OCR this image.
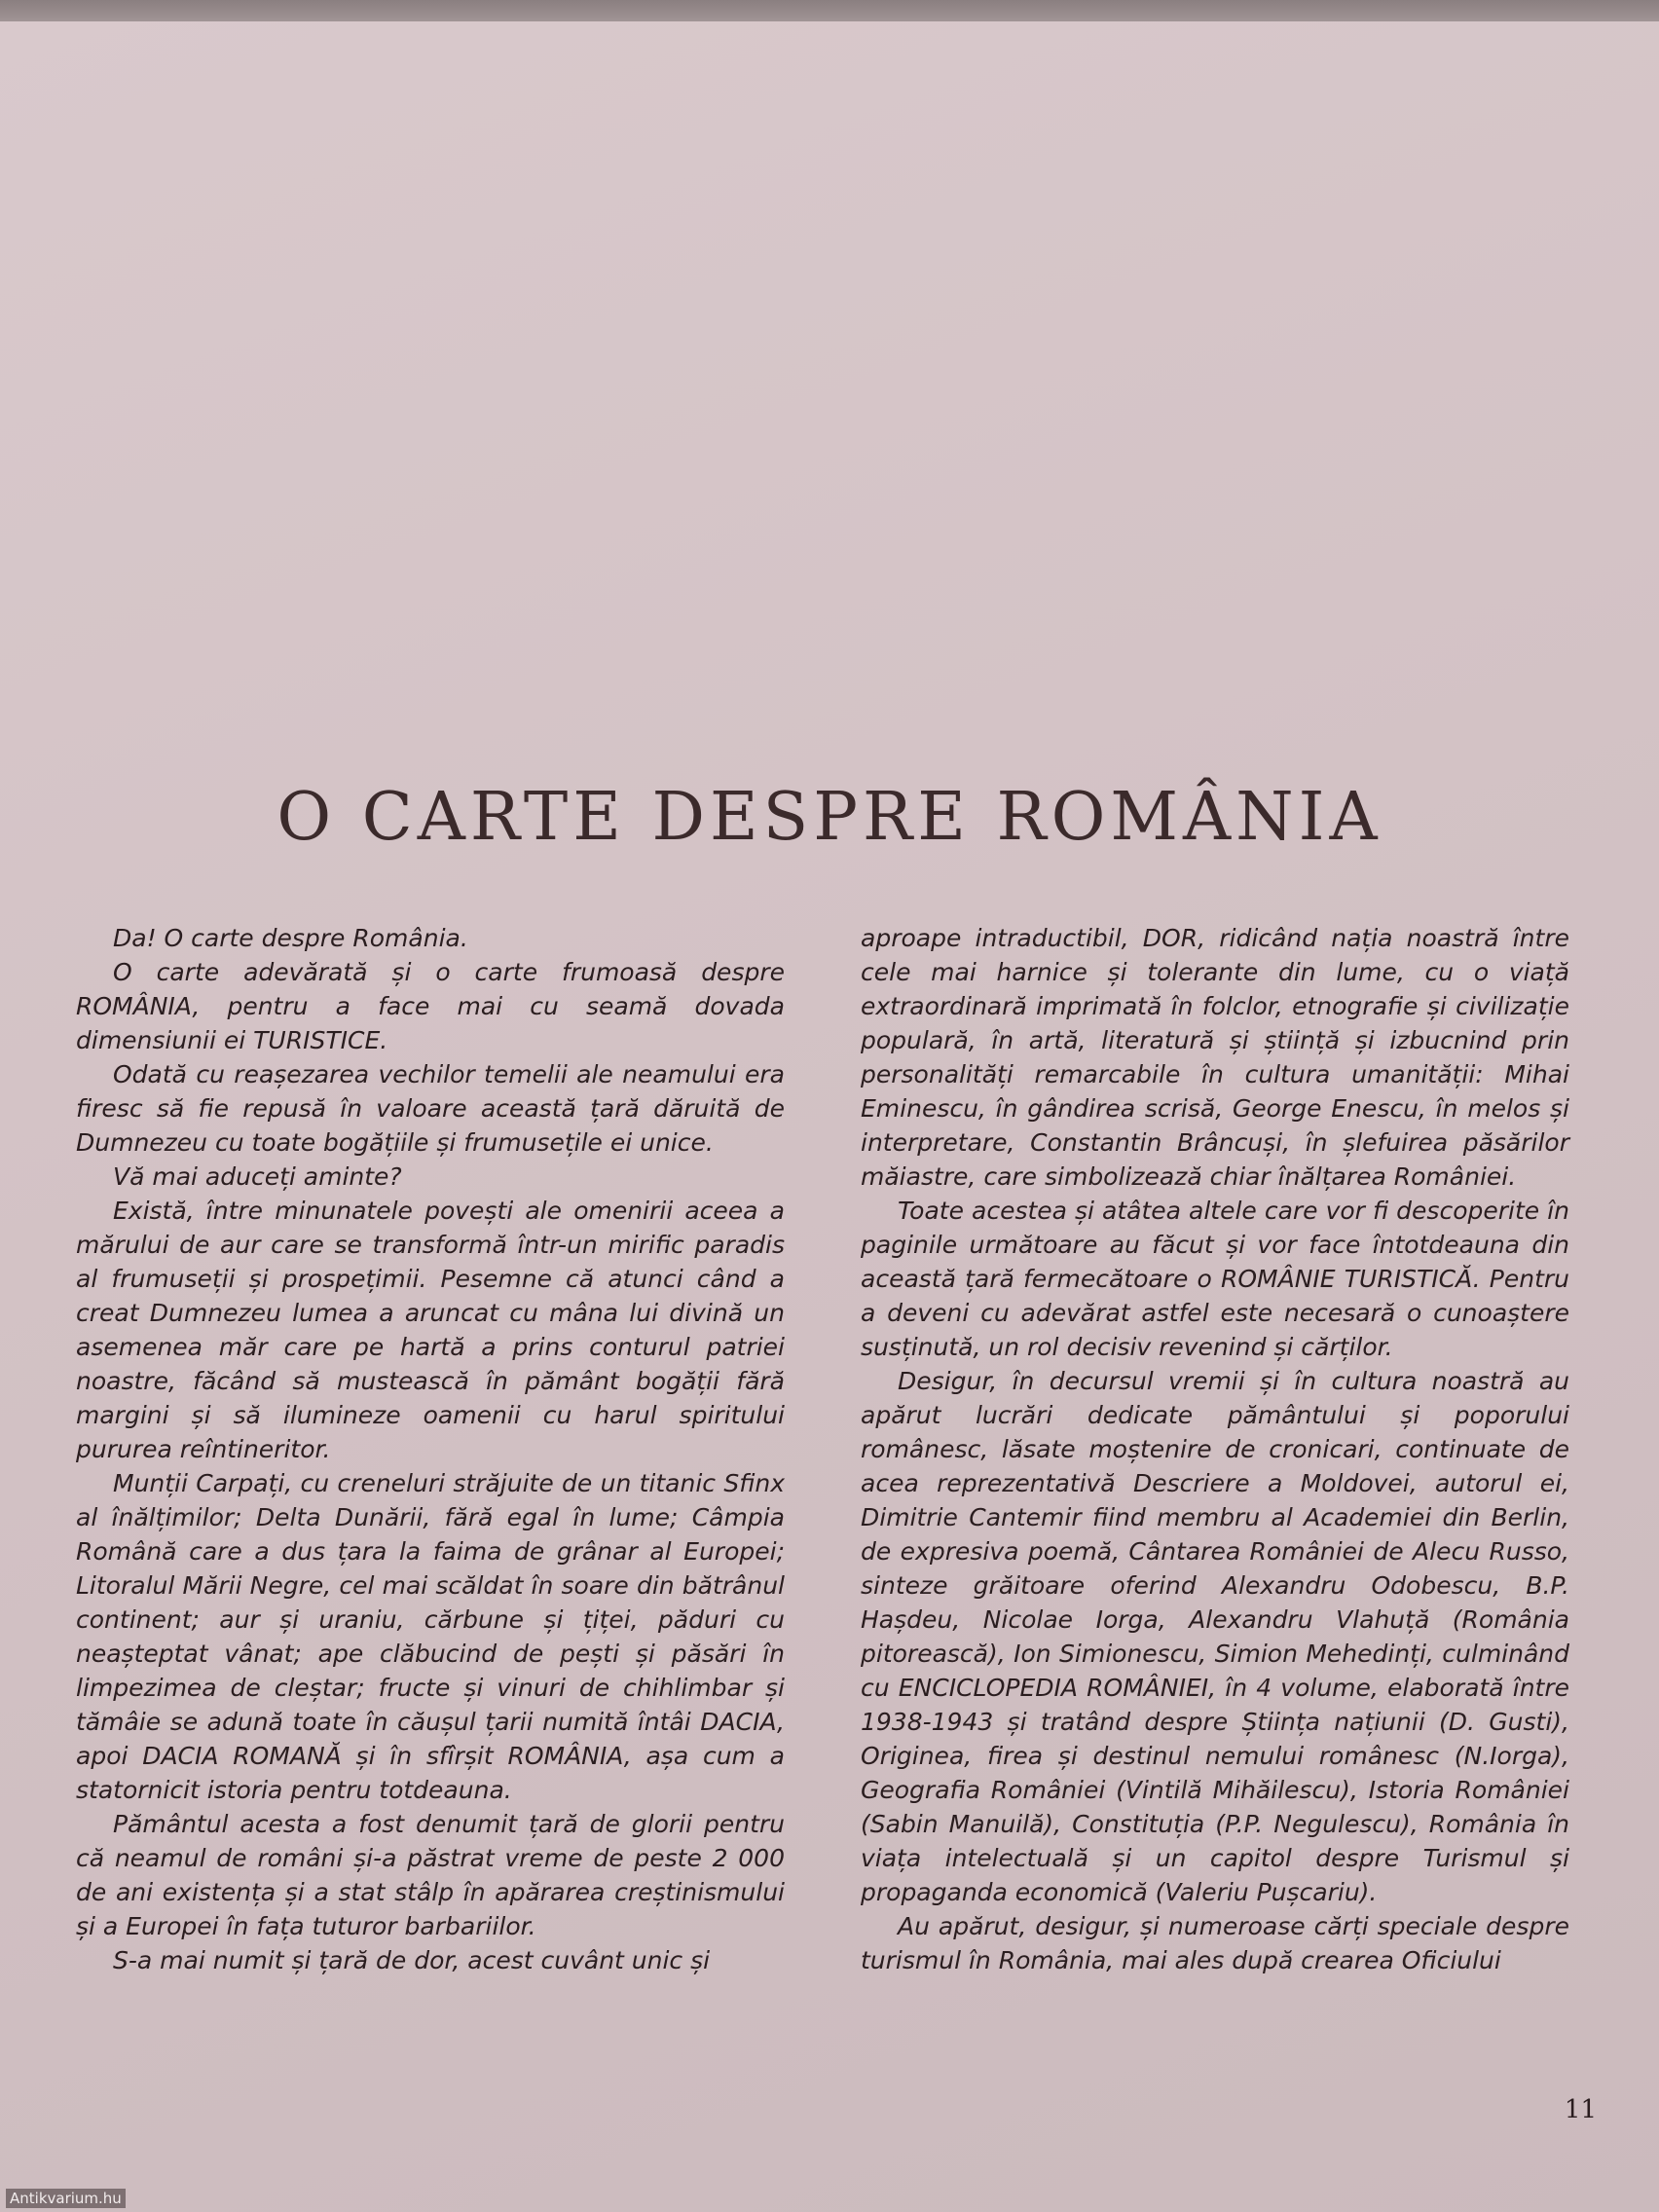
O CARTE DESPRE ROMÂNIA

Da! O carte despre România.

O carte adevărată și o carte frumoasă despre ROMÂNIA, pentru a face mai cu seamă dovada dimensiunii ei TURISTICE.

Odată cu reașezarea vechilor temelii ale neamului era firesc să fie repusă în valoare această țară dăruită de Dumnezeu cu toate bogățiile și frumusețile ei unice.

Vă mai aduceți aminte?

Există, între minunatele povești ale omenirii aceea a mărului de aur care se transformă într-un mirific paradis al frumuseții și prospețimii. Pesemne că atunci când a creat Dumnezeu lumea a aruncat cu mâna lui divină un asemenea măr care pe hartă a prins conturul patriei noastre, făcând să mustească în pământ bogății fără margini și să ilumineze oamenii cu harul spiritului pururea reîntineritor.

Munții Carpați, cu creneluri străjuite de un titanic Sfinx al înălțimilor; Delta Dunării, fără egal în lume; Câmpia Română care a dus țara la faima de grânar al Europei; Litoralul Mării Negre, cel mai scăldat în soare din bătrânul continent; aur și uraniu, cărbune și țiței, păduri cu neașteptat vânat; ape clăbucind de pești și păsări în limpezimea de cleștar; fructe și vinuri de chihlimbar și tămâie se adună toate în căușul țarii numită întâi DACIA, apoi DACIA ROMANĂ și în sfîrșit ROMÂNIA, așa cum a statornicit istoria pentru totdeauna.

Pământul acesta a fost denumit țară de glorii pentru că neamul de români și-a păstrat vreme de peste 2 000 de ani existența și a stat stâlp în apărarea creștinismului și a Europei în fața tuturor barbariilor.

S-a mai numit și țară de dor, acest cuvânt unic și

aproape intraductibil, DOR, ridicând nația noastră între cele mai harnice și tolerante din lume, cu o viață extraordinară imprimată în folclor, etnografie și civilizație populară, în artă, literatură și știință și izbucnind prin personalități remarcabile în cultura umanității: Mihai Eminescu, în gândirea scrisă, George Enescu, în melos și interpretare, Constantin Brâncuși, în șlefuirea păsărilor măiastre, care simbolizează chiar înălțarea României.

Toate acestea și atâtea altele care vor fi descoperite în paginile următoare au făcut și vor face întotdeauna din această țară fermecătoare o ROMÂNIE TURISTICĂ. Pentru a deveni cu adevărat astfel este necesară o cunoaștere susținută, un rol decisiv revenind și cărților.

Desigur, în decursul vremii și în cultura noastră au apărut lucrări dedicate pământului și poporului românesc, lăsate moștenire de cronicari, continuate de acea reprezentativă Descriere a Moldovei, autorul ei, Dimitrie Cantemir fiind membru al Academiei din Berlin, de expresiva poemă, Cântarea României de Alecu Russo, sinteze grăitoare oferind Alexandru Odobescu, B.P. Hașdeu, Nicolae Iorga, Alexandru Vlahuță (România pitorească), Ion Simionescu, Simion Mehedinți, culminând cu ENCICLOPEDIA ROMÂNIEI, în 4 volume, elaborată între 1938-1943 și tratând despre Știința națiunii (D. Gusti), Originea, firea și destinul nemului românesc (N.Iorga), Geografia României (Vintilă Mihăilescu), Istoria României (Sabin Manuilă), Constituția (P.P. Negulescu), România în viața intelectuală și un capitol despre Turismul și propaganda economică (Valeriu Pușcariu).

Au apărut, desigur, și numeroase cărți speciale despre turismul în România, mai ales după crearea Oficiului

11
Antikvarium.hu
